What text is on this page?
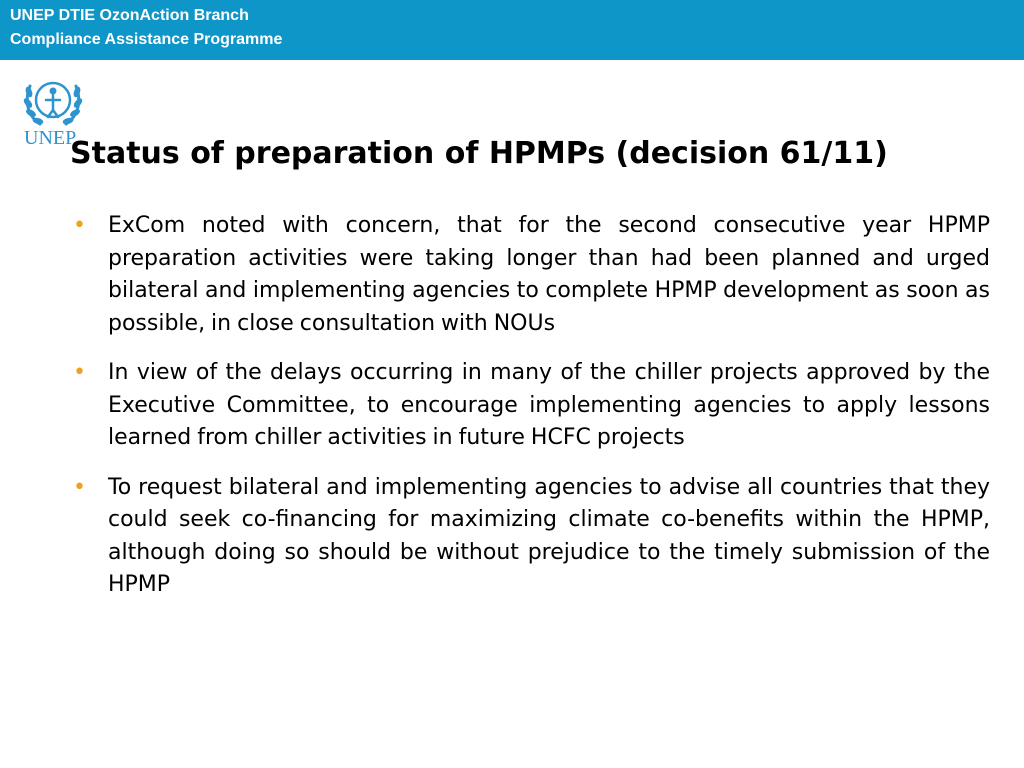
UNEP DTIE OzonAction Branch
Compliance Assistance Programme
UNEP
Status of preparation of HPMPs (decision 61/11)
• ExCom noted with concern, that for the second consecutive year HPMP preparation activities were taking longer than had been planned and urged bilateral and implementing agencies to complete HPMP development as soon as possible, in close consultation with NOUs
• In view of the delays occurring in many of the chiller projects approved by the Executive Committee, to encourage implementing agencies to apply lessons learned from chiller activities in future HCFC projects
• To request bilateral and implementing agencies to advise all countries that they could seek co-financing for maximizing climate co-benefits within the HPMP, although doing so should be without prejudice to the timely submission of the HPMP
